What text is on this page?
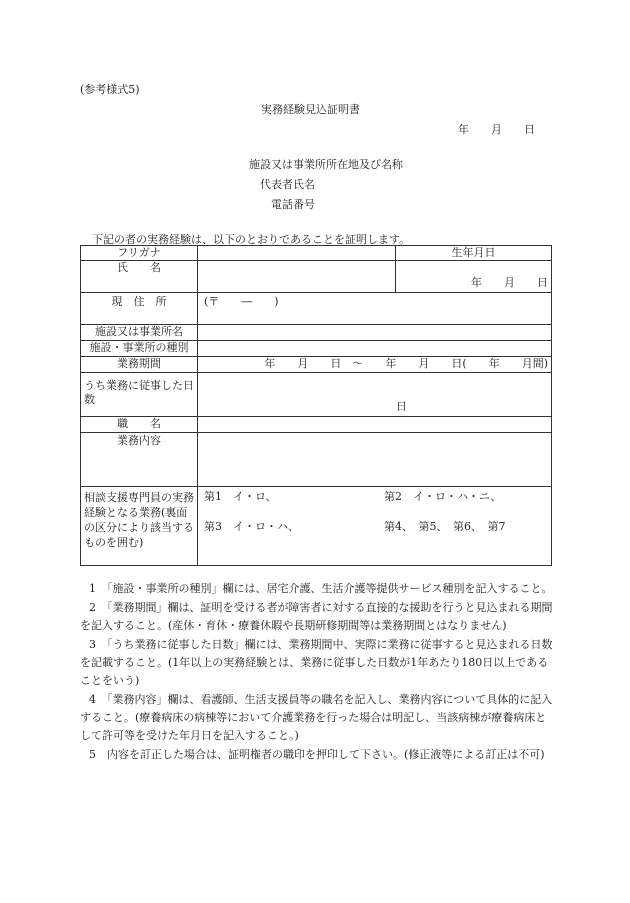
(参考様式5)
実務経験見込証明書
年　　月　　日
施設又は事業所所在地及び名称
代表者氏名
電話番号
下記の者の実務経験は、以下のとおりであることを証明します。
フリガナ		生年月日
氏　　名		年　　月　　日
現　住　所	(〒　　―　　)	
施設又は事業所名		
施設・事業所の種別		
業務期間	年　　月　　日　〜　　年　　月　　日(　　年　　月間)	
うち業務に従事した日数	日	
職　　名		
業務内容		
相談支援専門員の実務経験となる業務(裏面の区分により該当するものを囲む)	第1　イ・ロ、 第2　イ・ロ・ハ・ニ、
第3　イ・ロ・ハ、 第4、　第5、　第6、　第7	

1　「施設・事業所の種別」欄には、居宅介護、生活介護等提供サービス種別を記入すること。

2　「業務期間」欄は、証明を受ける者が障害者に対する直接的な援助を行うと見込まれる期間を記入すること。(産休・育休・療養休暇や長期研修期間等は業務期間とはなりません)

3　「うち業務に従事した日数」欄には、業務期間中、実際に業務に従事すると見込まれる日数を記載すること。(1年以上の実務経験とは、業務に従事した日数が1年あたり180日以上であることをいう)

4　「業務内容」欄は、看護師、生活支援員等の職名を記入し、業務内容について具体的に記入すること。(療養病床の病棟等において介護業務を行った場合は明記し、当該病棟が療養病床として許可等を受けた年月日を記入すること。)

5　内容を訂正した場合は、証明権者の職印を押印して下さい。(修正液等による訂正は不可)
